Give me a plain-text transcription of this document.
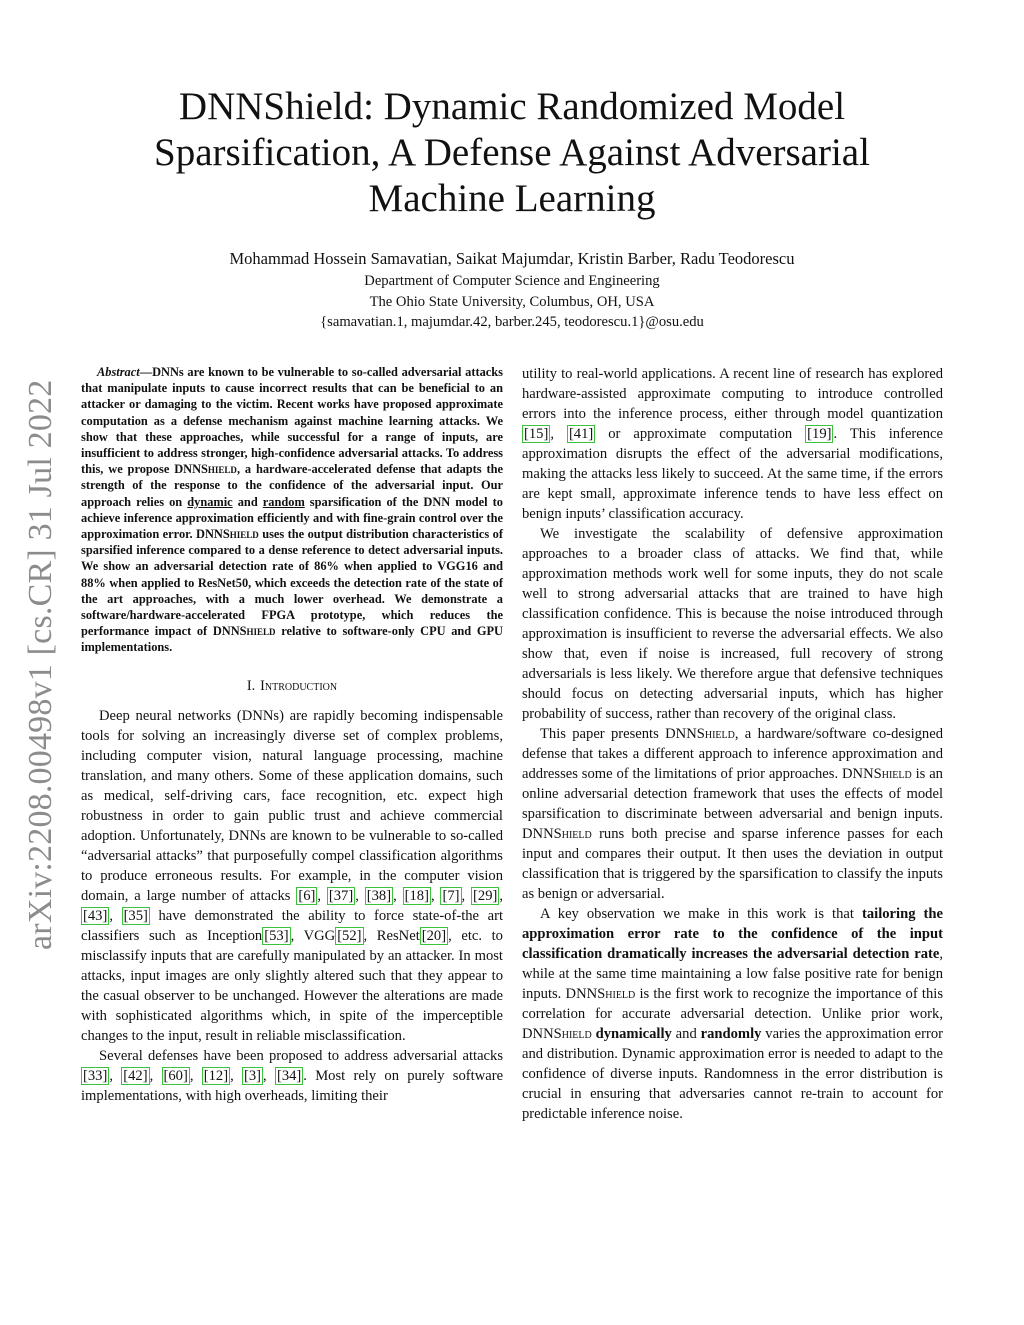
arXiv:2208.00498v1 [cs.CR] 31 Jul 2022
DNNShield: Dynamic Randomized Model Sparsification, A Defense Against Adversarial Machine Learning
Mohammad Hossein Samavatian, Saikat Majumdar, Kristin Barber, Radu Teodorescu
Department of Computer Science and Engineering
The Ohio State University, Columbus, OH, USA
{samavatian.1, majumdar.42, barber.245, teodorescu.1}@osu.edu

Abstract—DNNs are known to be vulnerable to so-called adversarial attacks that manipulate inputs to cause incorrect results that can be beneficial to an attacker or damaging to the victim. Recent works have proposed approximate computation as a defense mechanism against machine learning attacks. We show that these approaches, while successful for a range of inputs, are insufficient to address stronger, high-confidence adversarial attacks. To address this, we propose DNNShield, a hardware-accelerated defense that adapts the strength of the response to the confidence of the adversarial input. Our approach relies on dynamic and random sparsification of the DNN model to achieve inference approximation efficiently and with fine-grain control over the approximation error. DNNShield uses the output distribution characteristics of sparsified inference compared to a dense reference to detect adversarial inputs. We show an adversarial detection rate of 86% when applied to VGG16 and 88% when applied to ResNet50, which exceeds the detection rate of the state of the art approaches, with a much lower overhead. We demonstrate a software/hardware-accelerated FPGA prototype, which reduces the performance impact of DNNShield relative to software-only CPU and GPU implementations.

I. Introduction

Deep neural networks (DNNs) are rapidly becoming indispensable tools for solving an increasingly diverse set of complex problems, including computer vision, natural language processing, machine translation, and many others. Some of these application domains, such as medical, self-driving cars, face recognition, etc. expect high robustness in order to gain public trust and achieve commercial adoption. Unfortunately, DNNs are known to be vulnerable to so-called “adversarial attacks” that purposefully compel classification algorithms to produce erroneous results. For example, in the computer vision domain, a large number of attacks [6] , [37] , [38] , [18] , [7] , [29] , [43] , [35] have demonstrated the ability to force state-of-the art classifiers such as Inception [53] , VGG [52] , ResNet [20] , etc. to misclassify inputs that are carefully manipulated by an attacker. In most attacks, input images are only slightly altered such that they appear to the casual observer to be unchanged. However the alterations are made with sophisticated algorithms which, in spite of the imperceptible changes to the input, result in reliable misclassification.

Several defenses have been proposed to address adversarial attacks [33] , [42] , [60] , [12] , [3] , [34] . Most rely on purely software implementations, with high overheads, limiting their

utility to real-world applications. A recent line of research has explored hardware-assisted approximate computing to introduce controlled errors into the inference process, either through model quantization [15] , [41] or approximate computation [19] . This inference approximation disrupts the effect of the adversarial modifications, making the attacks less likely to succeed. At the same time, if the errors are kept small, approximate inference tends to have less effect on benign inputs’ classification accuracy.

We investigate the scalability of defensive approximation approaches to a broader class of attacks. We find that, while approximation methods work well for some inputs, they do not scale well to strong adversarial attacks that are trained to have high classification confidence. This is because the noise introduced through approximation is insufficient to reverse the adversarial effects. We also show that, even if noise is increased, full recovery of strong adversarials is less likely. We therefore argue that defensive techniques should focus on detecting adversarial inputs, which has higher probability of success, rather than recovery of the original class.

This paper presents DNNShield, a hardware/software co-designed defense that takes a different approach to inference approximation and addresses some of the limitations of prior approaches. DNNShield is an online adversarial detection framework that uses the effects of model sparsification to discriminate between adversarial and benign inputs. DNNShield runs both precise and sparse inference passes for each input and compares their output. It then uses the deviation in output classification that is triggered by the sparsification to classify the inputs as benign or adversarial.

A key observation we make in this work is that tailoring the approximation error rate to the confidence of the input classification dramatically increases the adversarial detection rate, while at the same time maintaining a low false positive rate for benign inputs. DNNShield is the first work to recognize the importance of this correlation for accurate adversarial detection. Unlike prior work, DNNShield dynamically and randomly varies the approximation error and distribution. Dynamic approximation error is needed to adapt to the confidence of diverse inputs. Randomness in the error distribution is crucial in ensuring that adversaries cannot re-train to account for predictable inference noise.
